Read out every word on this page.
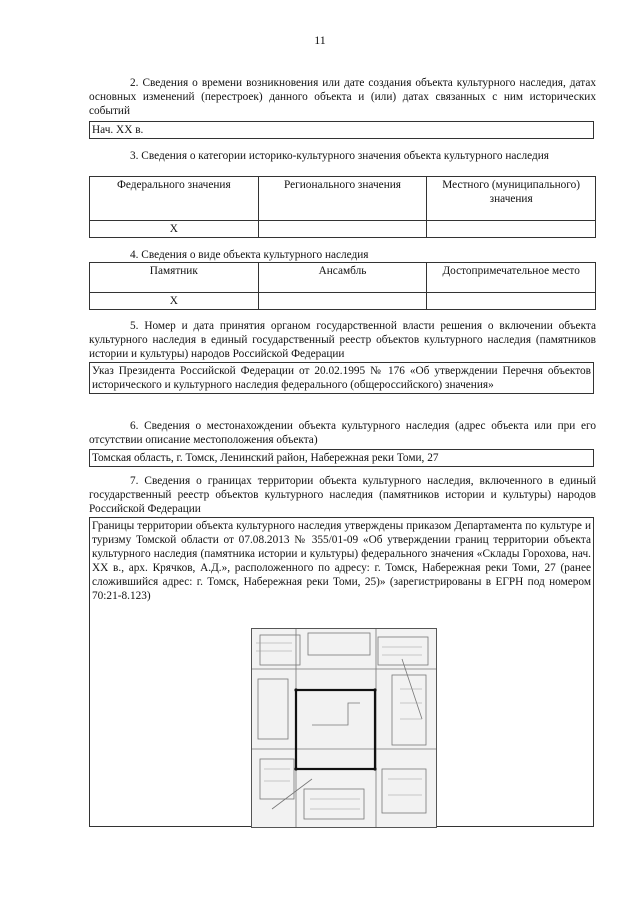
11
2. Сведения о времени возникновения или дате создания объекта культурного наследия, датах основных изменений (перестроек) данного объекта и (или) датах связанных с ним исторических событий
Нач. XX в.
3. Сведения о категории историко-культурного значения объекта культурного наследия
Федерального значения	Регионального значения	Местного (муниципального) значения
X		
4. Сведения о виде объекта культурного наследия
Памятник	Ансамбль	Достопримечательное место
X		
5. Номер и дата принятия органом государственной власти решения о включении объекта культурного наследия в единый государственный реестр объектов культурного наследия (памятников истории и культуры) народов Российской Федерации
Указ Президента Российской Федерации от 20.02.1995 № 176 «Об утверждении Перечня объектов исторического и культурного наследия федерального (общероссийского) значения»
6. Сведения о местонахождении объекта культурного наследия (адрес объекта или при его отсутствии описание местоположения объекта)
Томская область, г. Томск, Ленинский район, Набережная реки Томи, 27
7. Сведения о границах территории объекта культурного наследия, включенного в единый государственный реестр объектов культурного наследия (памятников истории и культуры) народов Российской Федерации
Границы территории объекта культурного наследия утверждены приказом Департамента по культуре и туризму Томской области от 07.08.2013 № 355/01-09 «Об утверждении границ территории объекта культурного наследия (памятника истории и культуры) федерального значения «Склады Горохова, нач. XX в., арх. Крячков, А.Д.», расположенного по адресу: г. Томск, Набережная реки Томи, 27 (ранее сложившийся адрес: г. Томск, Набережная реки Томи, 25)» (зарегистрированы в ЕГРН под номером 70:21-8.123)
